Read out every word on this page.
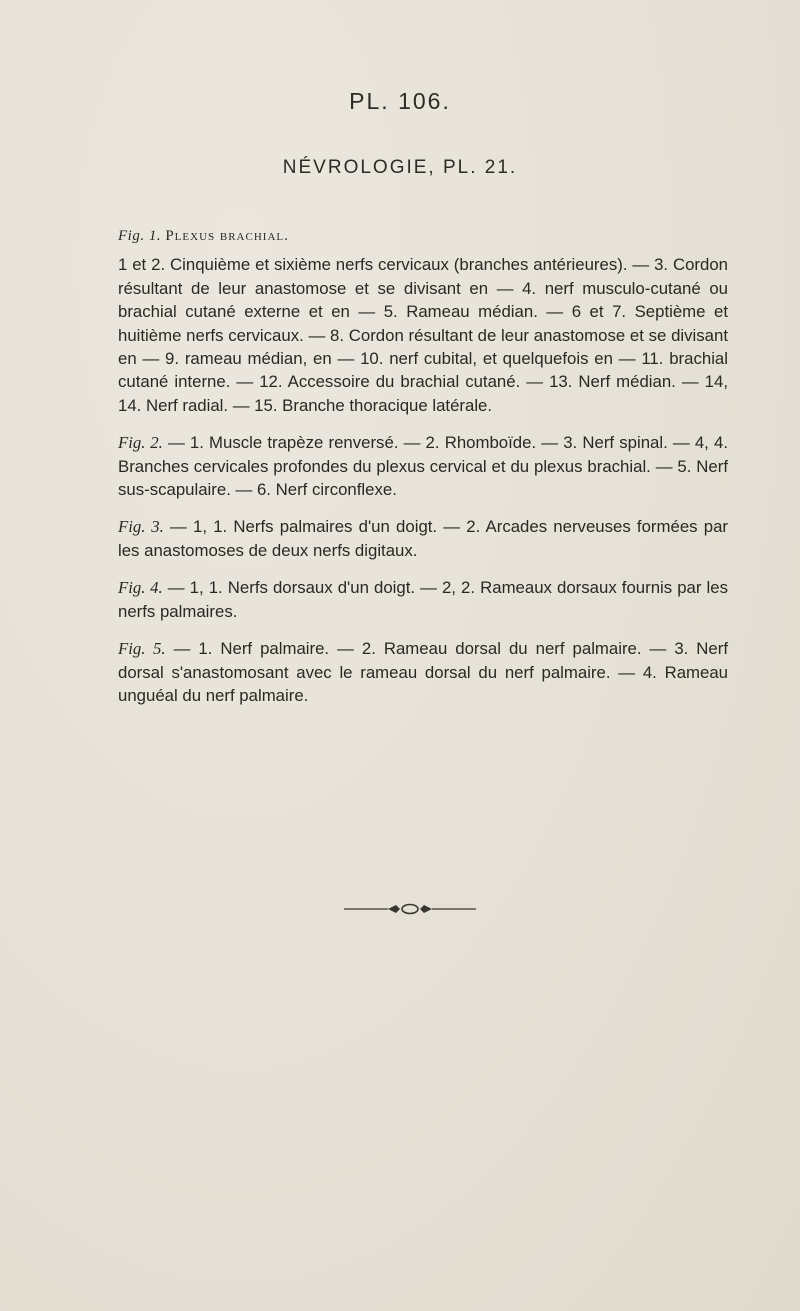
PL. 106.
NÉVROLOGIE, PL. 21.
Fig. 1. Plexus brachial.

1 et 2. Cinquième et sixième nerfs cervicaux (branches antérieures). — 3. Cordon résultant de leur anastomose et se divisant en — 4. nerf musculo-cutané ou brachial cutané externe et en — 5. Rameau médian. — 6 et 7. Septième et huitième nerfs cervicaux. — 8. Cordon résultant de leur anastomose et se divisant en — 9. rameau médian, en — 10. nerf cubital, et quelquefois en — 11. brachial cutané interne. — 12. Accessoire du brachial cutané. — 13. Nerf médian. — 14, 14. Nerf radial. — 15. Branche thoracique latérale.

Fig. 2. — 1. Muscle trapèze renversé. — 2. Rhomboïde. — 3. Nerf spinal. — 4, 4. Branches cervicales profondes du plexus cervical et du plexus brachial. — 5. Nerf sus-scapulaire. — 6. Nerf circonflexe.

Fig. 3. — 1, 1. Nerfs palmaires d'un doigt. — 2. Arcades nerveuses formées par les anastomoses de deux nerfs digitaux.

Fig. 4. — 1, 1. Nerfs dorsaux d'un doigt. — 2, 2. Rameaux dorsaux fournis par les nerfs palmaires.

Fig. 5. — 1. Nerf palmaire. — 2. Rameau dorsal du nerf palmaire. — 3. Nerf dorsal s'anastomosant avec le rameau dorsal du nerf palmaire. — 4. Rameau unguéal du nerf palmaire.
